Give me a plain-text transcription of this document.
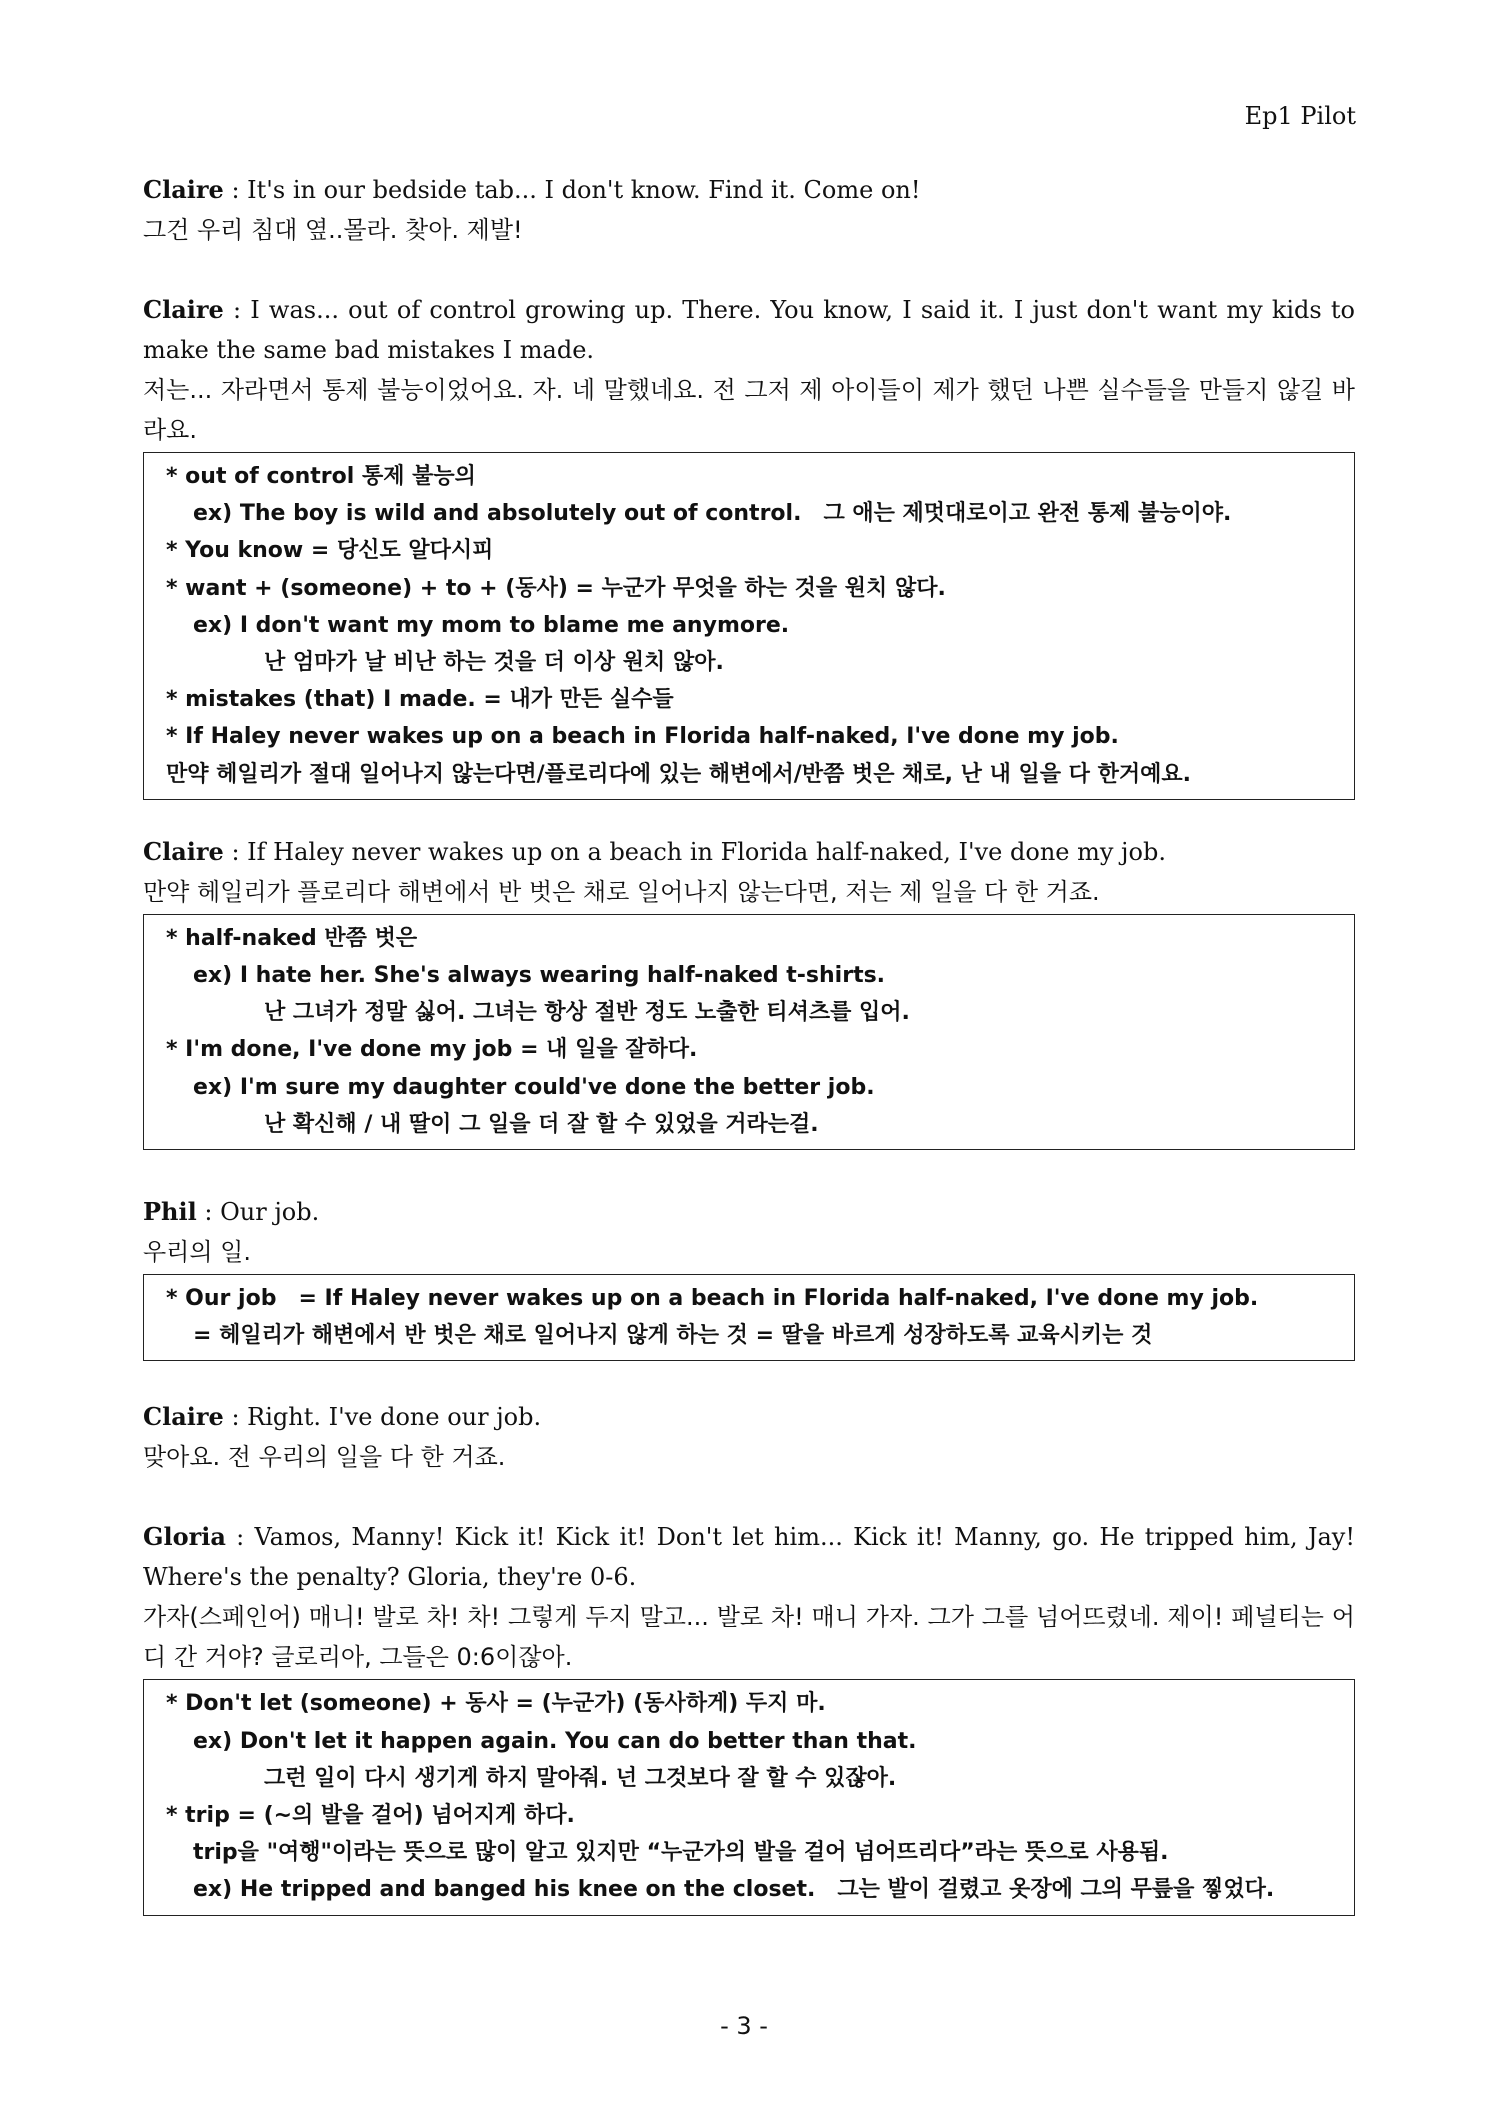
Ep1 Pilot
Claire : It's in our bedside tab... I don't know. Find it. Come on!
그건 우리 침대 옆..몰라. 찾아. 제발!
Claire : I was... out of control growing up. There. You know, I said it. I just don't want my kids to make the same bad mistakes I made.
저는... 자라면서 통제 불능이었어요. 자. 네 말했네요. 전 그저 제 아이들이 제가 했던 나쁜 실수들을 만들지 않길 바라요.
* out of control 통제 불능의
ex) The boy is wild and absolutely out of control.　그 애는 제멋대로이고 완전 통제 불능이야.
* You know = 당신도 알다시피
* want + (someone) + to + (동사) = 누군가 무엇을 하는 것을 원치 않다.
ex) I don't want my mom to blame me anymore.
난 엄마가 날 비난 하는 것을 더 이상 원치 않아.
* mistakes (that) I made. = 내가 만든 실수들
* If Haley never wakes up on a beach in Florida half-naked, I've done my job.
만약 헤일리가 절대 일어나지 않는다면/플로리다에 있는 해변에서/반쯤 벗은 채로, 난 내 일을 다 한거예요.
Claire : If Haley never wakes up on a beach in Florida half-naked, I've done my job.
만약 헤일리가 플로리다 해변에서 반 벗은 채로 일어나지 않는다면, 저는 제 일을 다 한 거죠.
* half-naked 반쯤 벗은
ex) I hate her. She's always wearing half-naked t-shirts.
난 그녀가 정말 싫어. 그녀는 항상 절반 정도 노출한 티셔츠를 입어.
* I'm done, I've done my job = 내 일을 잘하다.
ex) I'm sure my daughter could've done the better job.
난 확신해 / 내 딸이 그 일을 더 잘 할 수 있었을 거라는걸.
Phil : Our job.
우리의 일.
* Our job　= If Haley never wakes up on a beach in Florida half-naked, I've done my job.
= 헤일리가 해변에서 반 벗은 채로 일어나지 않게 하는 것 = 딸을 바르게 성장하도록 교육시키는 것
Claire : Right. I've done our job.
맞아요. 전 우리의 일을 다 한 거죠.
Gloria : Vamos, Manny! Kick it! Kick it! Don't let him... Kick it! Manny, go. He tripped him, Jay! Where's the penalty? Gloria, they're 0-6.
가자(스페인어) 매니! 발로 차! 차! 그렇게 두지 말고... 발로 차! 매니 가자. 그가 그를 넘어뜨렸네. 제이! 페널티는 어디 간 거야? 글로리아, 그들은 0:6이잖아.
* Don't let (someone) + 동사 = (누군가) (동사하게) 두지 마.
ex) Don't let it happen again. You can do better than that.
그런 일이 다시 생기게 하지 말아줘. 넌 그것보다 잘 할 수 있잖아.
* trip = (~의 발을 걸어) 넘어지게 하다.
trip을 "여행"이라는 뜻으로 많이 알고 있지만 “누군가의 발을 걸어 넘어뜨리다”라는 뜻으로 사용됨.
ex) He tripped and banged his knee on the closet.　그는 발이 걸렸고 옷장에 그의 무릎을 찧었다.
- 3 -
